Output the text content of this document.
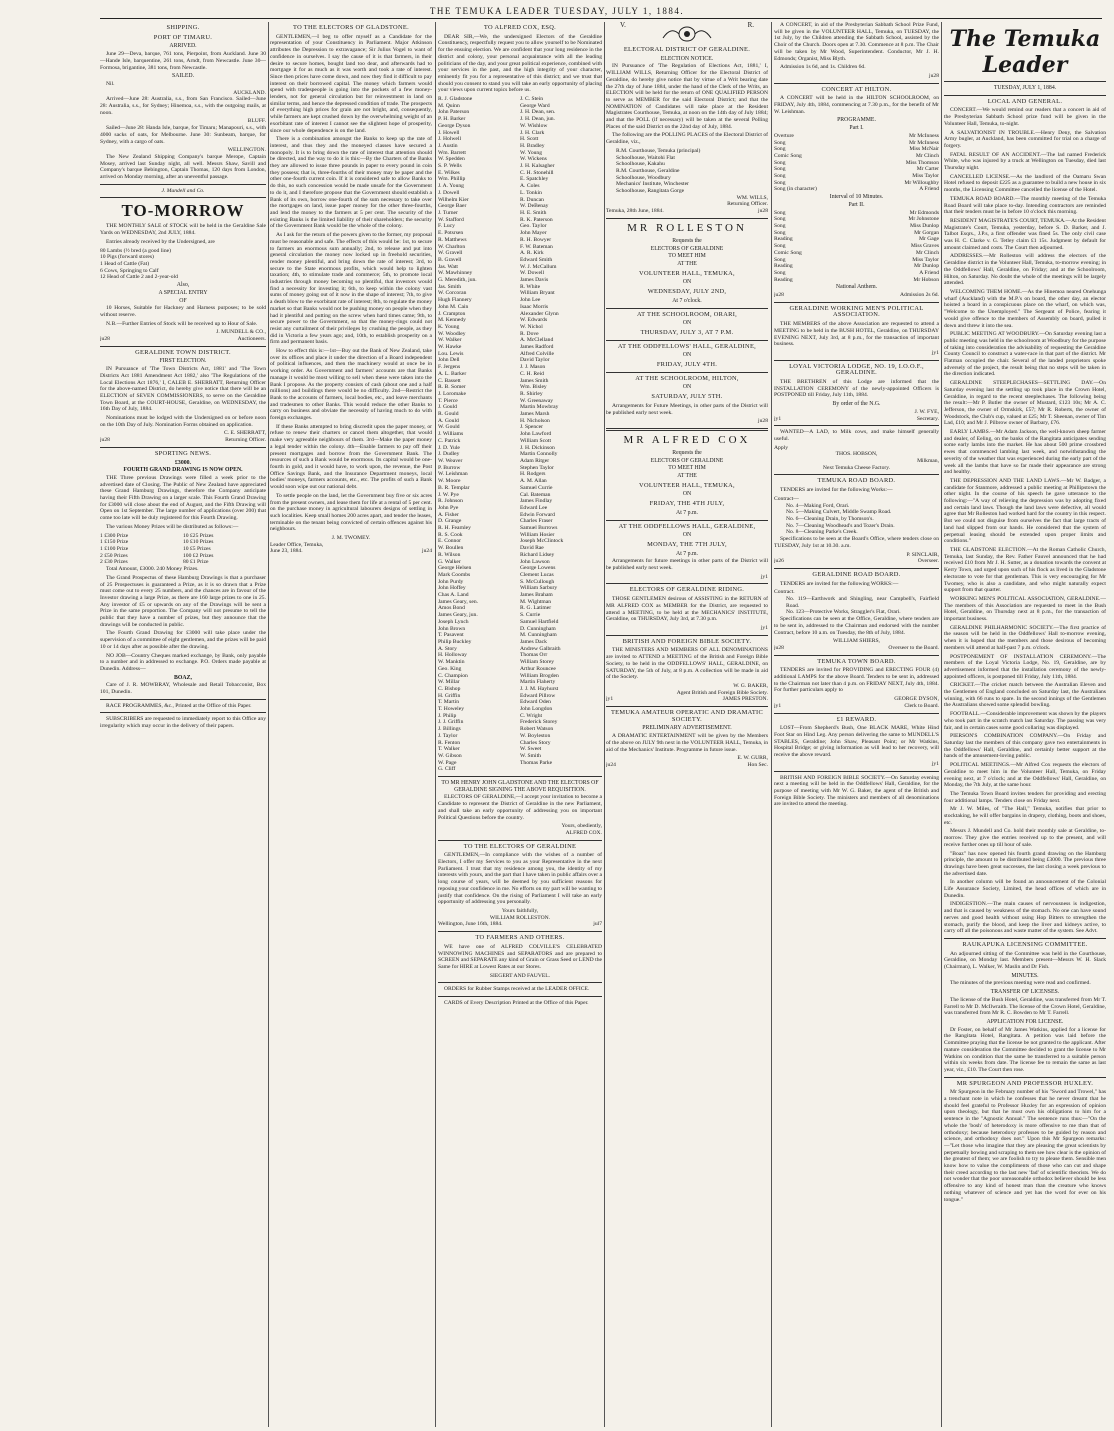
THE TEMUKA LEADER TUESDAY, JULY 1, 1884.
SHIPPING.
PORT OF TIMARU.
ARRIVED.

June 29—Deva, barque, 761 tons, Pierpoint, from Auckland. June 30—Hande Isle, barquentine, 261 tons, Arndt, from Newcastle. June 30—Formosa, brigantine, 381 tons, from Newcastle.

SAILED.

Nil.

AUCKLAND.

Arrived—June 28: Australia, s.s., from San Francisco. Sailed—June 28: Australia, s.s., for Sydney; Hinemoa, s.s., with the outgoing mails, at noon.

BLUFF.

Sailed—June 28: Handa Isle, barque, for Timaru; Manapouri, s.s., with 4000 sacks of oats, for Melbourne. June 30: Sunbeam, barque, for Sydney, with a cargo of oats.

WELLINGTON.

The New Zealand Shipping Company's barque Merope, Captain Mosey, arrived last Sunday night, all well. Messrs Shaw, Savill and Company's barque Bebington, Captain Thomas, 120 days from London, arrived on Monday morning, after an uneventful passage.

J. Mundell and Co.
TO-MORROW

THE MONTHLY SALE of STOCK will be held in the Geraldine Sale Yards on WEDNESDAY, 2nd JULY, 1884.

Entries already received by the Undersigned, are

80 Lambs (½ bred (a good line)
10 Pigs (forward stores)
1 Head of Cattle (Fat)
6 Cows, Springing to Calf
12 Head of Cattle 2 and 2-year-old
Also,
A SPECIAL ENTRY
OF

10 Horses, Suitable for Hackney and Harness purposes; to be sold without reserve.

N.B.—Further Entries of Stock will be received up to Hour of Sale.

J. MUNDELL & CO.,
ju28	Auctioneers.
GERALDINE TOWN DISTRICT.
FIRST ELECTION.

IN Pursuance of 'The Town Districts Act, 1881' and 'The Town Districts Act 1881 Amendment Act 1882,' also 'The Regulations of the Local Elections Act 1876,' I, CALEB E. SHERRATT, Returning Officer for the above-named District, do hereby give notice that there will be an ELECTION of SEVEN COMMISSIONERS, to serve on the Geraldine Town Board, at the COURT-HOUSE, Geraldine, on WEDNESDAY, the 16th Day of July, 1884.

Nominations must be lodged with the Undersigned on or before noon on the 10th Day of July. Nomination Forms obtained on application.

C. E. SHERRATT,
ju28	Returning Officer.
SPORTING NEWS.
£3000.
FOURTH GRAND DRAWING IS NOW OPEN.

THE Three previous Drawings were filled a week prior to the advertised date of Closing. The Public of New Zealand have appreciated these Grand Hamburg Drawings, therefore the Company anticipate having their Fifth Drawing on a larger scale. This Fourth Grand Drawing for £3000 will close about the end of August, and the Fifth Drawing will Open on 1st September. The large number of applications (over 200) that come too late will be duly registered for this Fourth Drawing.

The various Money Prizes will be distributed as follows:—

1 £300 Prize
1 £150 Prize
1 £100 Prize
2 £50 Prizes
2 £30 Prizes
10 £25 Prizes
10 £10 Prizes
10 £5 Prizes
100 £2 Prizes
80 £1 Prize

Total Amount, £3000. 240 Money Prizes.

The Grand Prospectus of these Hamburg Drawings is that a purchaser of 25 Prospectuses is guaranteed a Prize, as it is so drawn that a Prize must come out to every 25 numbers, and the chances are in favour of the Investor drawing a large Prize, as there are 160 large prizes to one in 25. Any investor of £5 or upwards on any of the Drawings will be sent a Prize in the same proportion. The Company will not presume to tell the public that they have a number of prizes, but they announce that the drawings will be conducted in public.

The Fourth Grand Drawing for £3000 will take place under the supervision of a committee of eight gentlemen, and the prizes will be paid 10 or 14 days after as possible after the drawing.

NO JOB—Country Cheques marked exchange, by Bank, only payable to a number and in addressed to exchange. P.O. Orders made payable at Dunedin. Address—

BOAZ,

Care of J. R. MOWBRAY, Wholesale and Retail Tobacconist, Box 101, Dunedin.

RACE PROGRAMMES, &c., Printed at the Office of this Paper.

SUBSCRIBERS are requested to immediately report to this Office any irregularity which may occur in the delivery of their papers.

TO THE ELECTORS OF GLADSTONE.

GENTLEMEN,—I beg to offer myself as a Candidate for the representation of your Constituency in Parliament. Major Atkinson attributes the Depression to extravagance; Sir Julius Vogel to want of confidence in ourselves. I say the cause of it is that farmers, in their desire to secure homes, bought land too dear, and afterwards had to mortgage it for as much as it was worth and took a rate of interest. Since then prices have come down, and now they find it difficult to pay interest on their borrowed capital. The money which farmers would spend with tradespeople is going into the pockets of a few money-lenders, not for general circulation but for reinvestment in land on similar terms, and hence the depressed condition of trade. The prospects of everything high prices for grain are not bright, and, consequently, while farmers are kept crushed down by the overwhelming weight of an exorbitant rate of interest I cannot see the slightest hope of prosperity, since our whole dependence is on the land.

There is a combination amongst the Banks to keep up the rate of interest, and thus they and the moneyed classes have secured a monopoly. It is to bring down the rate of interest that attention should be directed, and the way to do it is this:—By the Charters of the Banks they are allowed to issue three pounds in paper to every pound in coin they possess; that is, three-fourths of their money may be paper and the other one-fourth current coin. If it is considered safe to allow Banks to do this, no such concession would be made unsafe for the Government to do it, and I therefore propose that the Government should establish a Bank of its own, borrow one-fourth of the sum necessary to take over the mortgages on land, issue paper money for the other three-fourths, and lend the money to the farmers at 5 per cent. The security of the existing Banks is the limited liability of their shareholders; the security of the Government Bank would be the whole of the colony.

As I ask for the return of the powers given to the former, my proposal must be reasonable and safe. The effects of this would be: 1st, to secure to farmers an enormous sum annually; 2nd, to release and put into general circulation the money now locked up in freehold securities, render money plentiful, and bring down the rate of interest; 3rd, to secure to the State enormous profits, which would help to lighten taxation; 4th, to stimulate trade and commerce; 5th, to promote local industries through money becoming so plentiful, that investors would find a necessity for investing it; 6th, to keep within the colony vast sums of money going out of it now in the shape of interest; 7th, to give a death blow to the exorbitant rate of interest; 8th, to regulate the money market so that Banks would not be pushing money on people when they had it plentiful and putting on the screw when hard times came; 9th, to secure power to the Government, so that the money-rings could not resist any curtailment of their privileges by crushing the people, as they did in Victoria a few years ago; and, 10th, to establish prosperity on a firm and permanent basis.

How to effect this is:—1st—Buy out the Bank of New Zealand, take over its offices and place it under the direction of a Board independent of political influences, and then the machinery would at once be in working order. As Government and farmers' accounts are that Banks manage it would be most willing to sell when these were taken into the Bank I propose. As the property consists of cash (about one and a half millions) and buildings there would be no difficulty. 2nd—Restrict the Bank to the accounts of farmers, local bodies, etc., and leave merchants and tradesmen to other Banks. This would reduce the other Banks to carry on business and obviate the necessity of having much to do with foreign exchanges.

If these Banks attempted to bring discredit upon the paper money, or refuse to renew their charters or cancel them altogether, that would make very agreeable neighbours of them. 3rd—Make the paper money a legal tender within the colony. 4th—Enable farmers to pay off their present mortgages and borrow from the Government Bank. The resources of such a Bank would be enormous. Its capital would be one-fourth in gold, and it would have, to work upon, the revenue, the Post Office Savings Bank, and the Insurance Department moneys, local bodies' moneys, farmers accounts, etc., etc. The profits of such a Bank would soon wipe out our national debt.

To settle people on the land, let the Government buy five or six acres from the present owners, and lease them for life at a rental of 5 per cent. on the purchase money in agricultural labourers designs of settling in such localities. Keep small homes 200 acres apart, and tender the leases, terminable on the tenant being convicted of certain offences against his neighbours.

J. M. TWOMEY.
Leader Office, Temuka,
June 23, 1884.	ju24
TO ALFRED COX, ESQ.

DEAR SIR,—We, the undersigned Electors of the Geraldine Constituency, respectfully request you to allow yourself to be Nominated for the ensuing election. We are confident that your long residence in the district and colony, your personal acquaintance with all the leading politicians of the day, and your great political experience, combined with your services in the past, and the high integrity of your character, eminently fit you for a representative of this district; and we trust that should you consent to stand you will take an early opportunity of placing your views upon current topics before us.

R. J. Gladstone
M. Quinn
John Paterson
P. H. Barker
George Dyson
J. Howell
J. Holwell
J. Austin
Wm. Barrett
W. Spedden
S. P. Wells
E. Wilkes
Wm. Phillip
J. A. Young
J. Dowell
Wilhelm Kier
George Baer
J. Turner
W. Stafford
F. Lucy
E. Potsrsen
R. Matthews
W. Charlton
W. Gravell
B. Gravell
Jas. Watt
W. Mawhinney
G. Meredith, jun.
Jas. Smith
W. Corcoran
Hugh Flannery
John M. Cain
J. Crampton
M. Kennedy
K. Young
W. Woodley
W. Walker
W. Hawke
Lou. Lewis
John Dell
F. Jergens
A. L. Barker
C. Bassett
R. B. Somer
J. Loromake
T. Pierce
J. Gould
R. Gould
A. Gould
W. Gould
J. Williams
C. Patrick
J. D. Yule
J. Dudley
W. Weaver
P. Burrow
W. Leishman
W. Moore
B. R. Templar
J. W. Pye
R. Johnson
John Pye
A. Fisher
D. Grange
R. H. Fearnley
R. S. Cook
E. Connor
W. Boullen
R. Wilson
G. Walker
George Helsen
Mark Coombs
John Purdy
John Hoffey
Chas A. Land
James Geary, sen.
Amos Bond
James Geary, jun.
Joseph Lynch
John Brown
T. Pasavent
Philip Buckley
A. Story
H. Holloway
W. Manktin
Geo. King
C. Champion
W. Millar
C. Bishop
H. Griffin
T. Martin
T. Howeley
J. Philip
J. J. Griffin
J. Billings
J. Taylor
R. Fenton
T. Walker
W. Gibson
W. Page
G. Cliff
J. C. Stein
George Ward
J. H. Dean, sen.
J. H. Dean, jun.
W. Wishlow
J. H. Clark
H. Scott
H. Bradley
W. Young
W. Wickens
J. H. Kalsagher
C. H. Stonehill
E. Spatchley
A. Coles
L. Tonkin
R. Duncan
W. DeBenay
H. E. Smith
R. K. Paterson
Geo. Taylor
John Mayer
R. H. Bowyer
F. W. Bateman
A. R. Kirk
Edward Smith
W. J. McCallum
W. Dowell
James Davis
R. White
William Bryant
John Lee
Isaac Morris
Alexander Glynn
W. Edwards
W. Nichol
R. Dove
A. McClelland
James Radford
Alfred Colville
David Taylor
J. J. Mason
C. H. Reid
James Smith
Wm. Bisley
R. Shirley
W. Greenaway
Martin Mowbray
James Marsh
H. Nicholson
J. Spencer
John Lawford
William Scott
J. H. Dickinson
Martin Connolly
Adam Ritger
Stephen Taylor
H. Rodgers
A. M. Allan
Samuel Currie
Cal. Bateman
James Findlay
Edward Lee
Edwin Forward
Charles Fraser
Samuel Burrows
William Hosier
Joseph McClintock
David Rae
Richard Lidsey
John Lawson
George Lowens
Clement Lucas
S. McCullough
William Sarbury
James Braham
M. Wightman
R. G. Latimer
S. Currie
Samuel Hartfield
D. Cunningham
M. Cunningham
James Dack
Andrew Galbraith
Thomas Orr
William Storey
Arthur Rouncee
William Brogden
Martin Flaherty
J. J. M. Hayhurst
Edward Pillrow
Edward Oden
John Longdon
C. Wright
Frederick Storey
Robert Watson
W. Boyleston
Charles Story
W. Sweet
W. Smith
Thomas Parke
TO MR HENRY JOHN GLADSTONE AND THE ELECTORS OF GERALDINE SIGNING THE ABOVE REQUISITION.

ELECTORS OF GERALDINE,—I accept your invitation to become a Candidate to represent the District of Geraldine in the new Parliament, and shall take an early opportunity of addressing you on important Political Questions before the country.

Yours, obediently,
ALFRED COX.
TO THE ELECTORS OF GERALDINE

GENTLEMEN,—In compliance with the wishes of a number of Electors, I offer my Services to you as your Representative in the next Parliament. I trust that my residence among you, the identity of my interests with yours, and the part that I have taken in public affairs over a long course of years, will be deemed by you sufficient reasons for reposing your confidence in me. No efforts on my part will be wanting to justify that confidence. On the rising of Parliament I will take an early opportunity of addressing you personally.

Yours faithfully,
WILLIAM ROLLESTON.
Wellington, June 16th, 1884.	jul7
TO FARMERS AND OTHERS.

WE have one of ALFRED COLVILLE'S CELEBRATED WINNOWING MACHINES and SEPARATORS and are prepared to SCREEN and SEPARATE any kind of Grain or Grass Seed or LEND the Same for HIRE at Lowest Rates at our Stores.

SIEGERT AND FAUVEL.

ORDERS for Rubber Stamps received at the LEADER OFFICE.

CARDS of Every Description Printed at the Office of this Paper.

V.	R.
ELECTORAL DISTRICT OF GERALDINE.
ELECTION NOTICE.

IN Pursuance of 'The Regulation of Elections Act, 1881,' I, WILLIAM WILLS, Returning Officer for the Electoral District of Geraldine, do hereby give notice that by virtue of a Writ bearing date the 27th day of June 1884, under the hand of the Clerk of the Writs, an ELECTION will be held for the return of ONE QUALIFIED PERSON to serve as MEMBER for the said Electoral District; and that the NOMINATION of Candidates will take place at the Resident Magistrates Courthouse, Temuka, at noon on the 14th day of July 1884; and that the POLL (if necessary) will be taken at the several Polling Places of the said District on the 22nd day of July, 1884.

The following are the POLLING PLACES of the Electoral District of Geraldine, viz.,

R.M. Courthouse, Temuka (principal)
Schoolhouse, Waitohi Flat
Schoolhouse, Kakahu
R.M. Courthouse, Geraldine
Schoolhouse, Woodbury
Mechanics' Institute, Winchester
Schoolhouse, Rangitata Gorge
WM. WILLS,
Returning Officer.
Temuka, 28th June, 1884.	ju28
MR ROLLESTON
Requests the
ELECTORS OF GERALDINE
TO MEET HIM
AT THE
VOLUNTEER HALL, TEMUKA,
ON
WEDNESDAY, JULY 2ND,
At 7 o'clock.
AT THE SCHOOLROOM, ORARI,
ON
THURSDAY, JULY 3, AT 7 P.M.
AT THE ODDFELLOWS' HALL, GERALDINE,
ON
FRIDAY, JULY 4TH.
AT THE SCHOOLROOM, HILTON,
ON
SATURDAY, JULY 5TH.

Arrangements for Future Meetings, in other parts of the District will be published early next week.

ju28
MR ALFRED COX
Requests the
ELECTORS OF GERALDINE
TO MEET HIM
AT THE
VOLUNTEER HALL, TEMUKA,
ON
FRIDAY, THE 4TH JULY,
At 7 p.m.
AT THE ODDFELLOWS HALL, GERALDINE,
ON
MONDAY, THE 7TH JULY,
At 7 p.m.

Arrangements for future meetings in other parts of the District will be published early next week.

jy1
ELECTORS OF GERALDINE RIDING.

THOSE GENTLEMEN desirous of ASSISTING in the RETURN of MR ALFRED COX as MEMBER for the District, are requested to attend a MEETING, to be held at the MECHANICS' INSTITUTE, Geraldine, on THURSDAY, July 3rd, at 7.30 p.m.

jy1
BRITISH AND FOREIGN BIBLE SOCIETY.

THE MINISTERS AND MEMBERS OF ALL DENOMINATIONS are invited to ATTEND a MEETING of the British and Foreign Bible Society, to be held in the ODDFELLOWS' HALL, GERALDINE, on SATURDAY, the 5th of July, at 8 p.m. A collection will be made in aid of the Society.

W. G. BAKER,
Agent British and Foreign Bible Society.
jy1	JAMES PRESTON.
TEMUKA AMATEUR OPERATIC AND DRAMATIC SOCIETY.
PRELIMINARY ADVERTISEMENT.

A DRAMATIC ENTERTAINMENT will be given by the Members of the above on JULY 9th next in the VOLUNTEER HALL, Temuka, in aid of the Mechanics' Institute. Programme in future issue.

E. W. GURR,
ju24	Hon Sec.

A CONCERT, in aid of the Presbyterian Sabbath School Prize Fund, will be given in the VOLUNTEER HALL, Temuka, on TUESDAY, the 1st July, by the Children attending the Sabbath School, assisted by the Choir of the Church. Doors open at 7.30. Commence at 8 p.m. The Chair will be taken by Mr Wood, Superintendent. Conductor, Mr J. H. Edmonds; Organist, Miss Blyth.

Admission 1s 6d, and 1s. Children 6d.

ju28
CONCERT AT HILTON.

A CONCERT will be held in the HILTON SCHOOLROOM, on FRIDAY, July 4th, 1884, commencing at 7.30 p.m., for the benefit of Mr W. Leishman.

PROGRAMME.
Part I.
Overture	Mr McInness
Song	Mr McInness
Song	Miss McNair
Comic Song	Mr Clinch
Song	Miss Thomson
Song	Mr Carter
Song	Miss Taylor
Song	Mr Willoughby
Song (in character)	A Friend
Interval of 10 Minutes.
Part II.
Song	Mr Edmonds
Song	Mr Johnstone
Song	Miss Dunlop
Song	Mr Gorgan
Reading	Mr Gage
Song	Miss Graves
Comic Song	Mr Clinch
Song	Miss Taylor
Reading	Mr Dunlop
Song	A Friend
Reading	Mr Hobson
National Anthem.
ju28	Admission 2s 6d.
GERALDINE WORKING MEN'S POLITICAL ASSOCIATION.

THE MEMBERS of the above Association are requested to attend a MEETING to be held in the BUSH HOTEL, Geraldine, on THURSDAY EVENING NEXT, July 3rd, at 8 p.m., for the transaction of important business.

jy1
LOYAL VICTORIA LODGE, NO. 19, I.O.O.F., GERALDINE.

THE BRETHREN of this Lodge are informed that the INSTALLATION CEREMONY of the newly-appointed Officers is POSTPONED till Friday, July 11th, 1884.

By order of the N.G.
J. W. FYE,
jy1	Secretary.

WANTED—A LAD, to Milk cows, and make himself generally useful.

Apply
THOS. HOBSON,
Milkman,
Next Temuka Cheese Factory.
TEMUKA ROAD BOARD.

TENDERS are invited for the following Works:—

Contract—
No. 4—Making Ford, Orari.
No. 5—Making Culvert, Middle Swamp Road.
No. 6—Cleaning Drain, by Thomson's.
No. 7—Cleaning Woodhead's and Tozer's Drain.
No. 8—Cleaning Parke's Creek.

Specifications to be seen at the Board's Office, where tenders close on TUESDAY, July 1st at 10.30. a.m.

P. SINCLAIR,
ju26	Overseer.
GERALDINE ROAD BOARD.

TENDERS are invited for the following WORKS:—

Contract.
No. 119—Earthwork and Shingling, near Campbell's, Fairfield Road.
No. 123—Protective Works, Straggler's Flat, Orari.

Specifications can be seen at the Office, Geraldine, where tenders are to be sent in, addressed to the Chairman and endorsed with the number Contract, before 10 a.m. on Tuesday, the 8th of July, 1884.

WILLIAM SHIERS,
ju28	Overseer to the Board.
TEMUKA TOWN BOARD.

TENDERS are invited for PROVIDING and ERECTING FOUR (4) additional LAMPS for the above Board. Tenders to be sent in, addressed to the Chairman not later than 4 p.m. on FRIDAY NEXT, July 4th, 1884. For further particulars apply to

GEORGE DYSON,
jy1	Clerk to Board.
£1 REWARD.

LOST—From Shepherd's Bush, One BLACK MARE, White Hind Foot Star on Hind Leg. Any person delivering the same to MUNDELL'S STABLES, Geraldine; John Shaw, Pleasant Point; or Mr Watkins, Hospital Bridge; or giving information as will lead to her recovery, will receive the above reward.

jy1

BRITISH AND FOREIGN BIBLE SOCIETY.—On Saturday evening next a meeting will be held in the Oddfellows' Hall, Geraldine, for the purpose of meeting with Mr W. G. Baker, the agent of the British and Foreign Bible Society. The ministers and members of all denominations are invited to attend the meeting.

The Temuka Leader
TUESDAY, JULY 1, 1884.
LOCAL AND GENERAL.

CONCERT.—We would remind our readers that a concert in aid of the Presbyterian Sabbath School prize fund will be given in the Volunteer Hall, Temuka, to-night.

A SALVATIONIST IN TROUBLE.—Henry Deny, the Salvation Army bugler, at Auckland, has been committed for trial on a charge of forgery.

FATAL RESULT OF AN ACCIDENT.—The lad named Frederick White, who was injured by a truck at Wellington on Tuesday, died last Thursday night.

CANCELLED LICENSE.—As the landlord of the Oamaru Swan Hotel refused to deposit £225 as a guarantee to build a new house in six months, the Licensing Committee cancelled the license of the Hotel.

TEMUKA ROAD BOARD.—The monthly meeting of the Temuka Road Board will take place to-day. Intending contractors are reminded that their tenders must be in before 10 o'clock this morning.

RESIDENT MAGISTRATE'S COURT, TEMUKA.—At the Resident Magistrate's Court, Temuka, yesterday, before S. D. Barker, and J. Talbot Esqrs., J.P.s, a first offender was fined 5s. The only civil case was H. C. Clarke v. G. Tetley claim £1 15s. Judgment by default for amount claimed and costs. The Court then adjourned.

ADDRESSES.—Mr Rolleston will address the electors of the Geraldine district in the Volunteer Hall, Temuka, to-morrow evening; in the Oddfellows' Hall, Geraldine, on Friday; and at the Schoolroom, Hilton, on Saturday. No doubt the whole of the meetings will be largely attended.

WELCOMING THEM HOME.—As the Hinemoa neared Onehunga wharf (Auckland) with the M.P.'s on board, the other day, an elector hoisted a board in a conspicuous place on the wharf, on which was, "Welcome to the Unemployed." The Sergeant of Police, fearing it would give offence to the members of Assembly on board, pulled it down and threw it into the sea.

PUBLIC MEETING AT WOODBURY.—On Saturday evening last a public meeting was held in the schoolroom at Woodbury for the purpose of taking into consideration the advisability of requesting the Geraldine County Council to construct a water-race in that part of the district. Mr Flatman occupied the chair. Several of the landed proprietors spoke adversely of the project, the result being that no steps will be taken in the direction indicated.

GERALDINE STEEPLECHASES—SETTLING DAY.—On Saturday evening last the settling up took place in the Crown Hotel, Geraldine, in regard to the recent steeplechases. The following being the result:—Mr P. Butler the owner of Mustard, £123 10s; Mr A. C. Jefferson, the owner of Ormskirk, £57; Mr R. Roberts, the owner of Woodstock, the Club's cup, valued at £25; Mr T. Sheenan, owner of Tim Lad, £10; and Mr J. Pilbrow owner of Barbary, £76.

EARLY LAMBS.—Mr Adam Jackson, the well-known sheep farmer and dealer, of Eeling, on the banks of the Rangitata anticipates sending some early lambs into the market. He has about 500 prime crossbred ewes that commenced lambing last week, and notwithstanding the severity of the weather that was experienced during the early part of the week all the lambs that have so far made their appearance are strong and healthy.

THE DEPRESSION AND THE LAND LAWS.—Mr W. Badger, a candidate for Stanmore, addressed a public meeting at Phillipstown the other night. In the course of his speech he gave utterance to the following:—"A way of relieving the depression was by adopting fixed and certain land laws. Though the land laws were defective, all would agree that Mr Rolleston had worked hard for the country in this respect. But we could not disguise from ourselves the fact that large tracts of land had slipped from our hands. He considered that the system of perpetual leasing should be extended upon proper limits and conditions."

THE GLADSTONE ELECTION.—At the Roman Catholic Church, Temuka, last Sunday, the Rev. Father Fauvel announced that he had received £10 from Mr J. H. Sutter, as a donation towards the convent at Kerry Town, and urged upon such of his flock as lived in the Gladstone electorate to vote for that gentleman. This is very encouraging for Mr Twomey, who is also a candidate, and who might naturally expect support from that quarter.

WORKING MEN'S POLITICAL ASSOCIATION, GERALDINE.—The members of this Association are requested to meet in the Bush Hotel, Geraldine, on Thursday next at 8 p.m., for the transaction of important business.

GERALDINE PHILHARMONIC SOCIETY.—The first practice of the season will be held in the Oddfellows' Hall to-morrow evening, when it is hoped that the members and those desirous of becoming members will attend at half-past 7 p.m. o'clock.

POSTPONEMENT OF INSTALLATION CEREMONY.—The members of the Loyal Victoria Lodge, No. 19, Geraldine, are by advertisement informed that the installation ceremony of the newly-appointed officers, is postponed till Friday, July 11th, 1884.

CRICKET.—The cricket match between the Australian Eleven and the Gentlemen of England concluded on Saturday last, the Australians winning, with 66 runs to spare. In the second innings of the Gentlemen the Australians showed some splendid bowling.

FOOTBALL.—Considerable improvement was shown by the players who took part in the scratch match last Saturday. The passing was very fair, and in certain cases some good collaring was displayed.

PIERSON'S COMBINATION COMPANY.—On Friday and Saturday last the members of this company gave two entertainments in the Oddfellows' Hall, Geraldine, and certainly better support at the hands of the amusement-loving public.

POLITICAL MEETINGS.—Mr Alfred Cox requests the electors of Geraldine to meet him in the Volunteer Hall, Temuka, on Friday evening next, at 7 o'clock; and at the Oddfellows' Hall, Geraldine, on Monday, the 7th July, at the same hour.

The Temuka Town Board invites tenders for providing and erecting four additional lamps. Tenders close on Friday next.

Mr J. W. Miles, of "The Hall," Temuka, notifies that prior to stocktaking, he will offer bargains in drapery, clothing, boots and shoes, etc.

Messrs J. Mundell and Co. hold their monthly sale at Geraldine, to-morrow. They give the entries received up to the present, and will receive further ones up till hour of sale.

"Boaz" has now opened his fourth grand drawing on the Hamburg principle, the amount to be distributed being £3000. The previous three drawings have been great successes, the last closing a week previous to the advertised date.

In another column will be found an announcement of the Colonial Life Assurance Society, Limited, the head offices of which are in Dunedin.

INDIGESTION.—The main causes of nervousness is indigestion, and that is caused by weakness of the stomach. No one can have sound nerves and good health without using Hop Bitters to strengthen the stomach, purify the blood, and keep the liver and kidneys active, to carry off all the poisonous and waste matter of the system. See Advt.

RAUKAPUKA LICENSING COMMITTEE.

An adjourned sitting of the Committee was held in the Courthouse, Geraldine, on Monday last. Members present—Messrs W. H. Slack (Chairman), L. Walker, W. Maslin and Dr Fish.

MINUTES.

The minutes of the previous meeting were read and confirmed.

TRANSFER OF LICENSES.

The license of the Bush Hotel, Geraldine, was transferred from Mr T. Farrell to Mr D. McIlwraith. The license of the Crown Hotel, Geraldine, was transferred from Mr R. C. Bowden to Mr T. Farrell.

APPLICATION FOR LICENSE.

Dr Foster, on behalf of Mr James Watkins, applied for a license for the Rangitata Hotel, Rangitata. A petition was laid before the Committee praying that the license be not granted to the applicant. After mature consideration the Committee decided to grant the license to Mr Watkins on condition that the same be transferred to a suitable person within six weeks from date. The license fee to remain the same as last year, viz., £10. The Court then rose.

MR SPURGEON AND PROFESSOR HUXLEY.

Mr Spurgeon in the February number of his "Sword and Trowel," has a trenchant note in which he confesses that he never dreamt that he should feel grateful to Professor Huxley for an expression of opinion upon theology, but that he must own his obligations to him for a sentence in the "Agnostic Annual." The sentence runs thus:—"On the whole the 'bosh' of heterodoxy is more offensive to me than that of orthodoxy; because heterodoxy professes to be guided by reason and science, and orthodoxy does not." Upon this Mr Spurgeon remarks:—"Let those who imagine that they are pleasing the great scientists by perpetually bowing and scraping to them see how clear is the opinion of the greatest of them; we are foolish to try to please them. Sensible men know how to value the compliments of those who can cut and shape their creed according to the last new 'fad' of scientific theorists. We do not wonder that the poor unreasonable orthodox believer should be less offensive to any kind of honest man than the creature who knows nothing whatever of science and yet has the word for ever on his tongue."
